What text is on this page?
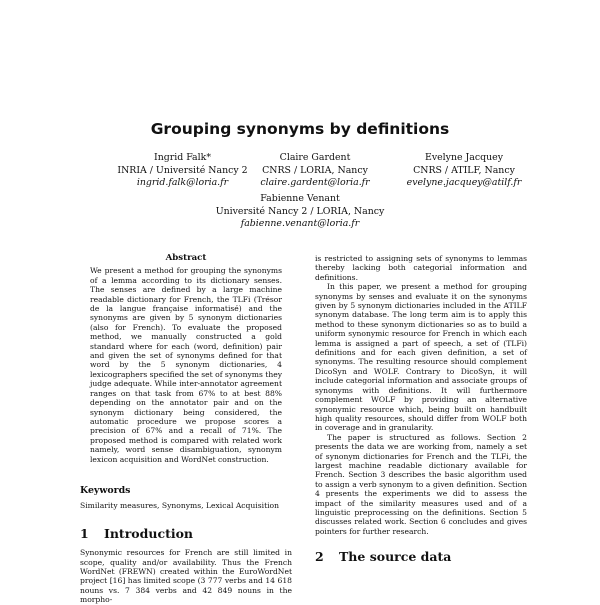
Grouping synonyms by definitions
Ingrid Falk*
INRIA / Université Nancy 2
ingrid.falk@loria.fr
Claire Gardent
CNRS / LORIA, Nancy
claire.gardent@loria.fr
Evelyne Jacquey
CNRS / ATILF, Nancy
evelyne.jacquey@atilf.fr
Fabienne Venant
Université Nancy 2 / LORIA, Nancy
fabienne.venant@loria.fr
Abstract

We present a method for grouping the synonyms of a lemma according to its dictionary senses. The senses are defined by a large machine readable dictionary for French, the TLFi (Trésor de la langue française informatisé) and the synonyms are given by 5 synonym dictionaries (also for French). To evaluate the proposed method, we manually constructed a gold standard where for each (word, definition) pair and given the set of synonyms defined for that word by the 5 synonym dictionaries, 4 lexicographers specified the set of synonyms they judge adequate. While inter-annotator agreement ranges on that task from 67% to at best 88% depending on the annotator pair and on the synonym dictionary being considered, the automatic procedure we propose scores a precision of 67% and a recall of 71%. The proposed method is compared with related work namely, word sense disambiguation, synonym lexicon acquisition and WordNet construction.

Keywords

Similarity measures, Synonyms, Lexical Acquisition

1 Introduction

Synonymic resources for French are still limited in scope, quality and/or availability. Thus the French WordNet (FREWN) created within the EuroWordNet project [16] has limited scope (3 777 verbs and 14 618 nouns vs. 7 384 verbs and 42 849 nouns in the morpho-

is restricted to assigning sets of synonyms to lemmas thereby lacking both categorial information and definitions.

In this paper, we present a method for grouping synonyms by senses and evaluate it on the synonyms given by 5 synonym dictionaries included in the ATILF synonym database. The long term aim is to apply this method to these synonym dictionaries so as to build a uniform synonymic resource for French in which each lemma is assigned a part of speech, a set of (TLFi) definitions and for each given definition, a set of synonyms. The resulting resource should complement DicoSyn and WOLF. Contrary to DicoSyn, it will include categorial information and associate groups of synonyms with definitions. It will furthermore complement WOLF by providing an alternative synonymic resource which, being built on handbuilt high quality resources, should differ from WOLF both in coverage and in granularity.

The paper is structured as follows. Section 2 presents the data we are working from, namely a set of synonym dictionaries for French and the TLFi, the largest machine readable dictionary available for French. Section 3 describes the basic algorithm used to assign a verb synonym to a given definition. Section 4 presents the experiments we did to assess the impact of the similarity measures used and of a linguistic preprocessing on the definitions. Section 5 discusses related work. Section 6 concludes and gives pointers for further research.

2 The source data
